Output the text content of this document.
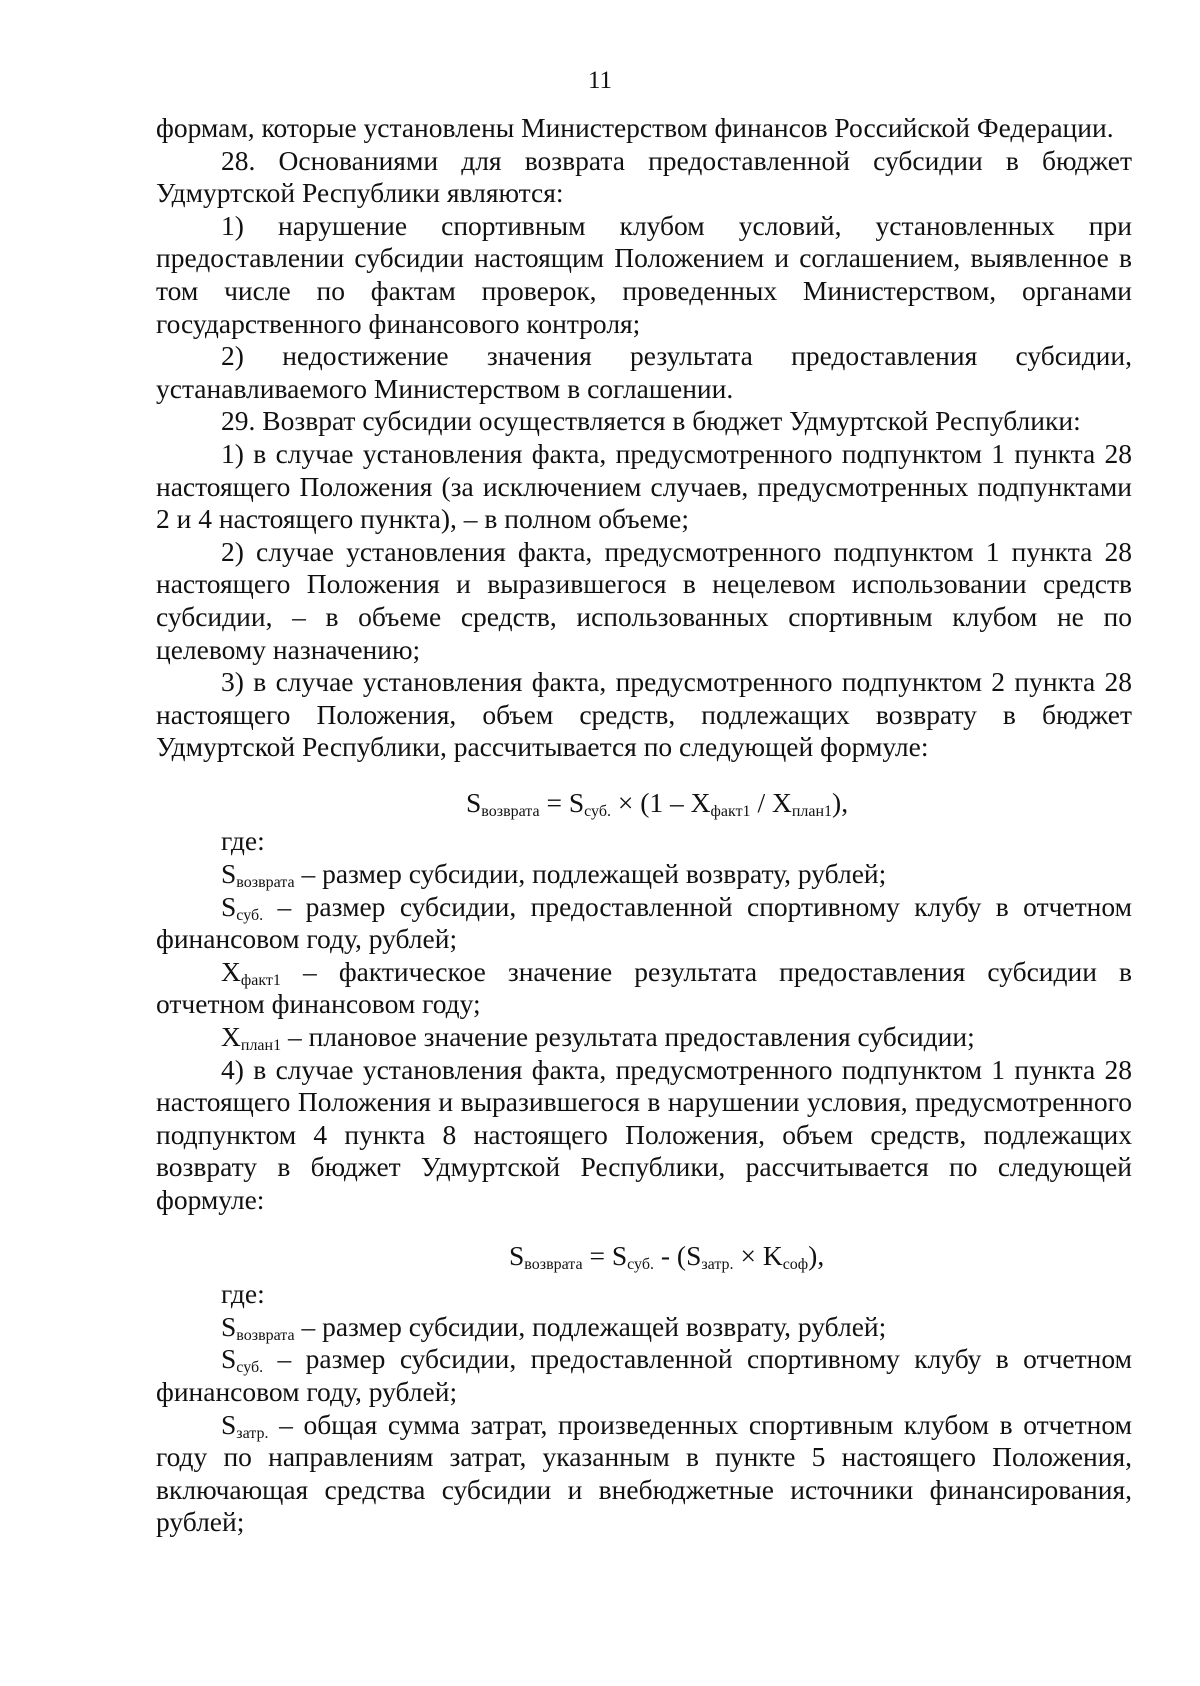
11

формам, которые установлены Министерством финансов Российской Федерации.

28. Основаниями для возврата предоставленной субсидии в бюджет Удмуртской Республики являются:

1) нарушение спортивным клубом условий, установленных при предоставлении субсидии настоящим Положением и соглашением, выявленное в том числе по фактам проверок, проведенных Министерством, органами государственного финансового контроля;

2) недостижение значения результата предоставления субсидии, устанавливаемого Министерством в соглашении.

29. Возврат субсидии осуществляется в бюджет Удмуртской Республики:

1) в случае установления факта, предусмотренного подпунктом 1 пункта 28 настоящего Положения (за исключением случаев, предусмотренных подпунктами 2 и 4 настоящего пункта), – в полном объеме;

2) случае установления факта, предусмотренного подпунктом 1 пункта 28 настоящего Положения и выразившегося в нецелевом использовании средств субсидии, – в объеме средств, использованных спортивным клубом не по целевому назначению;

3) в случае установления факта, предусмотренного подпунктом 2 пункта 28 настоящего Положения, объем средств, подлежащих возврату в бюджет Удмуртской Республики, рассчитывается по следующей формуле:

$S_{возврата} = S_{суб.} \times (1 - X_{факт1} / X_{план1})$,

где:

$S_{возврата}$ – размер субсидии, подлежащей возврату, рублей;

$S_{суб.}$ – размер субсидии, предоставленной спортивному клубу в отчетном финансовом году, рублей;

$X_{факт1}$ – фактическое значение результата предоставления субсидии в отчетном финансовом году;

$X_{план1}$ – плановое значение результата предоставления субсидии;

4) в случае установления факта, предусмотренного подпунктом 1 пункта 28 настоящего Положения и выразившегося в нарушении условия, предусмотренного подпунктом 4 пункта 8 настоящего Положения, объем средств, подлежащих возврату в бюджет Удмуртской Республики, рассчитывается по следующей формуле:

$S_{возврата} = S_{суб.} - (S_{затр.} \times K_{соф})$,

где:

$S_{возврата}$ – размер субсидии, подлежащей возврату, рублей;

$S_{суб.}$ – размер субсидии, предоставленной спортивному клубу в отчетном финансовом году, рублей;

$S_{затр.}$ – общая сумма затрат, произведенных спортивным клубом в отчетном году по направлениям затрат, указанным в пункте 5 настоящего Положения, включающая средства субсидии и внебюджетные источники финансирования, рублей;
